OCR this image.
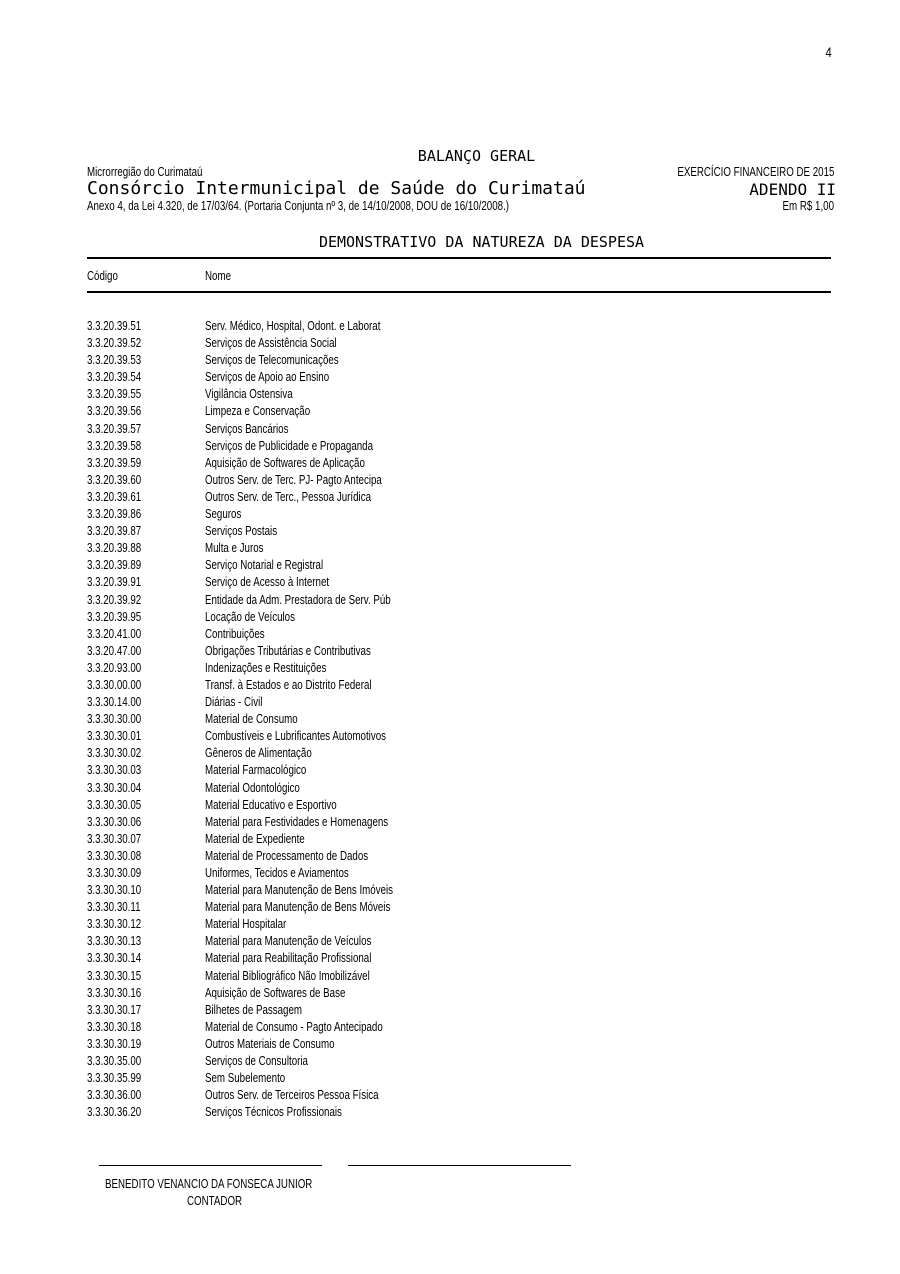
4
BALANÇO GERAL
Microrregião do Curimataú	EXERCÍCIO FINANCEIRO DE 2015
Consórcio Intermunicipal de Saúde do Curimataú	ADENDO II
Anexo 4, da Lei 4.320, de 17/03/64. (Portaria Conjunta nº 3, de 14/10/2008, DOU de 16/10/2008.)	Em R$ 1,00
DEMONSTRATIVO DA NATUREZA DA DESPESA
Código	Nome
3.3.20.39.51	Serv. Médico, Hospital, Odont. e Laborat
3.3.20.39.52	Serviços de Assistência Social
3.3.20.39.53	Serviços de Telecomunicações
3.3.20.39.54	Serviços de Apoio ao Ensino
3.3.20.39.55	Vigilância Ostensiva
3.3.20.39.56	Limpeza e Conservação
3.3.20.39.57	Serviços Bancários
3.3.20.39.58	Serviços de Publicidade e Propaganda
3.3.20.39.59	Aquisição de Softwares de Aplicação
3.3.20.39.60	Outros Serv. de Terc. PJ- Pagto Antecipa
3.3.20.39.61	Outros Serv. de Terc., Pessoa Jurídica
3.3.20.39.86	Seguros
3.3.20.39.87	Serviços Postais
3.3.20.39.88	Multa e Juros
3.3.20.39.89	Serviço Notarial e Registral
3.3.20.39.91	Serviço de Acesso à Internet
3.3.20.39.92	Entidade da Adm. Prestadora de Serv. Púb
3.3.20.39.95	Locação de Veículos
3.3.20.41.00	Contribuições
3.3.20.47.00	Obrigações Tributárias e Contributivas
3.3.20.93.00	Indenizações e Restituições
3.3.30.00.00	Transf. à Estados e ao Distrito Federal
3.3.30.14.00	Diárias - Civil
3.3.30.30.00	Material de Consumo
3.3.30.30.01	Combustíveis e Lubrificantes Automotivos
3.3.30.30.02	Gêneros de Alimentação
3.3.30.30.03	Material Farmacológico
3.3.30.30.04	Material Odontológico
3.3.30.30.05	Material Educativo e Esportivo
3.3.30.30.06	Material para Festividades e Homenagens
3.3.30.30.07	Material de Expediente
3.3.30.30.08	Material de Processamento de Dados
3.3.30.30.09	Uniformes, Tecidos e Aviamentos
3.3.30.30.10	Material para Manutenção de Bens Imóveis
3.3.30.30.11	Material para Manutenção de Bens Móveis
3.3.30.30.12	Material Hospitalar
3.3.30.30.13	Material para Manutenção de Veículos
3.3.30.30.14	Material para Reabilitação Profissional
3.3.30.30.15	Material Bibliográfico Não Imobilizável
3.3.30.30.16	Aquisição de Softwares de Base
3.3.30.30.17	Bilhetes de Passagem
3.3.30.30.18	Material de Consumo - Pagto Antecipado
3.3.30.30.19	Outros Materiais de Consumo
3.3.30.35.00	Serviços de Consultoria
3.3.30.35.99	Sem Subelemento
3.3.30.36.00	Outros Serv. de Terceiros Pessoa Física
3.3.30.36.20	Serviços Técnicos Profissionais
BENEDITO VENANCIO DA FONSECA JUNIOR
CONTADOR
